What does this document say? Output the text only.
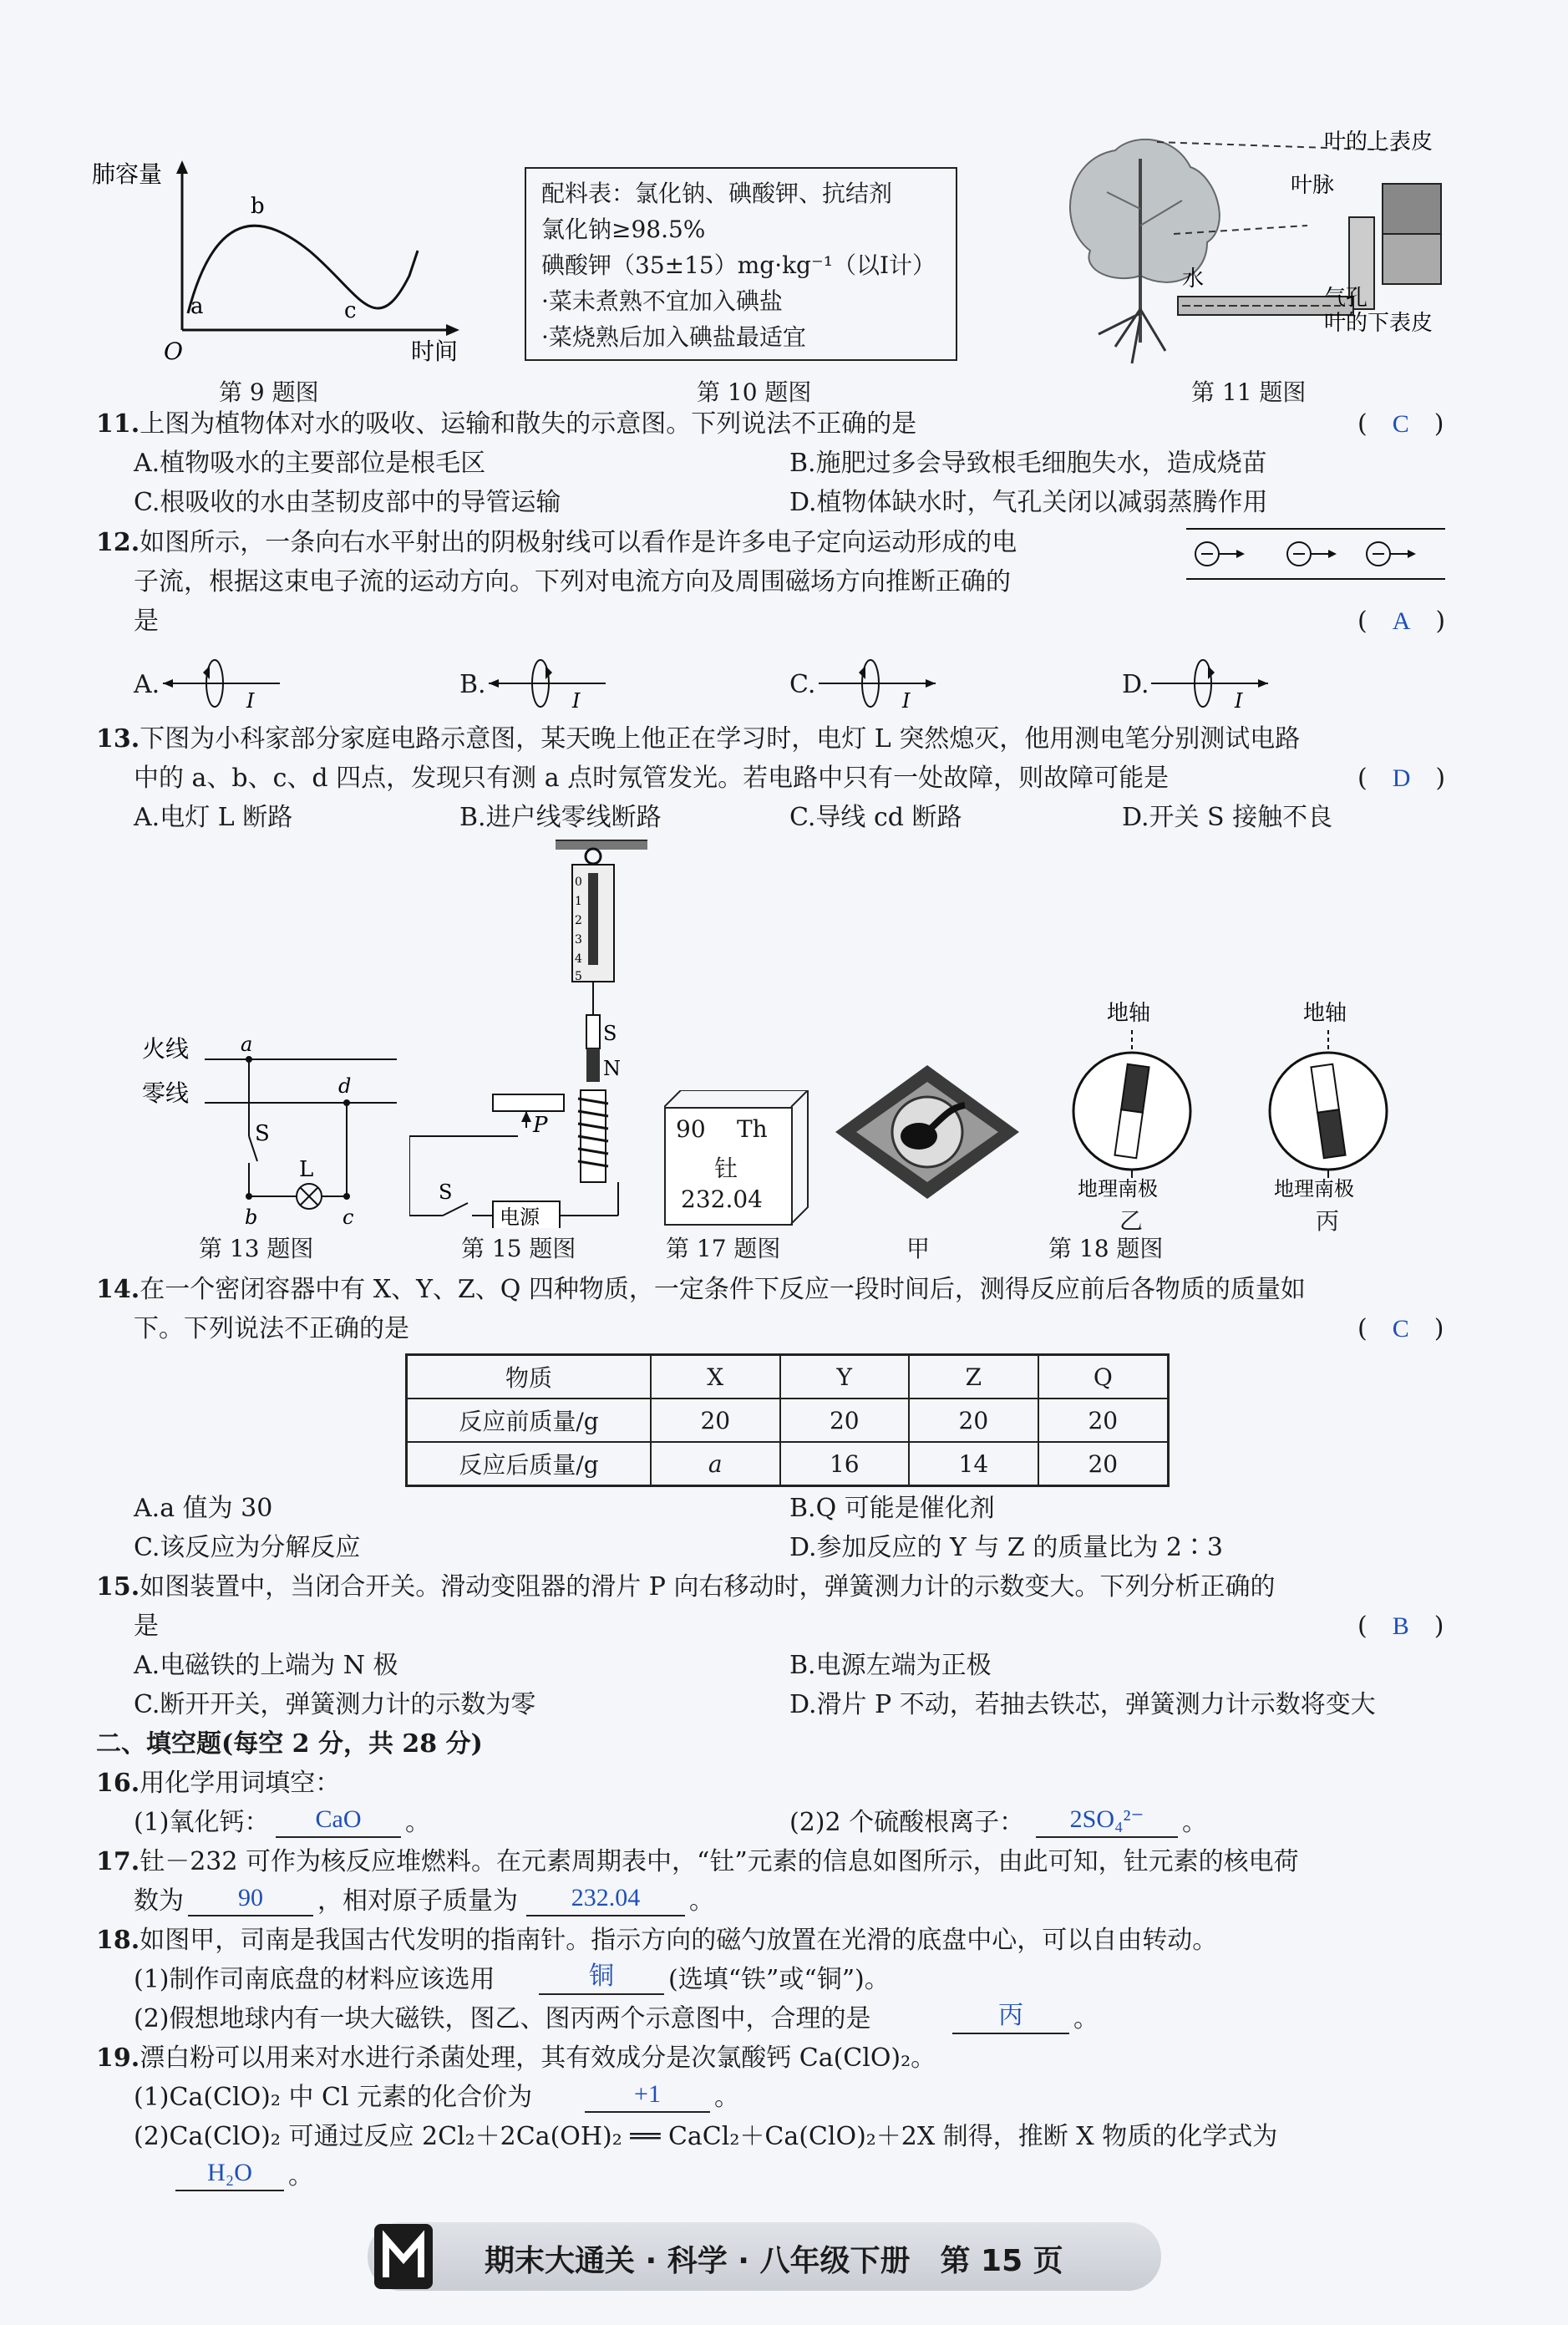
肺容量
a
b
c
O	时间
第 9 题图
配料表：氯化钠、碘酸钾、抗结剂
氯化钠≥98.5%
碘酸钾（35±15）mg·kg⁻¹（以Ⅰ计）
·菜未煮熟不宜加入碘盐
·菜烧熟后加入碘盐最适宜
第 10 题图
叶的上表皮
叶脉
水
气孔
叶的下表皮
第 11 题图
11.上图为植物体对水的吸收、运输和散失的示意图。下列说法不正确的是	(　C　)
A.植物吸水的主要部位是根毛区	B.施肥过多会导致根毛细胞失水，造成烧苗
C.根吸收的水由茎韧皮部中的导管运输	D.植物体缺水时，气孔关闭以减弱蒸腾作用
12.如图所示，一条向右水平射出的阴极射线可以看作是许多电子定向运动形成的电
子流，根据这束电子流的运动方向。下列对电流方向及周围磁场方向推断正确的
是	(　A　)
A.	B.	C.	D.
I	I	I	I
13.下图为小科家部分家庭电路示意图，某天晚上他正在学习时，电灯 L 突然熄灭，他用测电笔分别测试电路
中的 a、b、c、d 四点，发现只有测 a 点时氖管发光。若电路中只有一处故障，则故障可能是	(　D　)
A.电灯 L 断路	B.进户线零线断路	C.导线 cd 断路	D.开关 S 接触不良
火线
零线
a
d
S
L
b	c
第 13 题图
0
1
2
3
4
5
S
N
P
S
电源
第 15 题图
90 Th
钍
232.04
第 17 题图	甲
地轴
地理南极
乙
地轴
地理南极
丙
第 18 题图
14.在一个密闭容器中有 X、Y、Z、Q 四种物质，一定条件下反应一段时间后，测得反应前后各物质的质量如
下。下列说法不正确的是	(　C　)
物质	X	Y	Z	Q
反应前质量/g	20	20	20	20
反应后质量/g	a	16	14	20
A.a 值为 30	B.Q 可能是催化剂
C.该反应为分解反应	D.参加反应的 Y 与 Z 的质量比为 2∶3
15.如图装置中，当闭合开关。滑动变阻器的滑片 P 向右移动时，弹簧测力计的示数变大。下列分析正确的
是	(　B　)
A.电磁铁的上端为 N 极	B.电源左端为正极
C.断开开关，弹簧测力计的示数为零	D.滑片 P 不动，若抽去铁芯，弹簧测力计示数将变大
二、填空题(每空 2 分，共 28 分)
16.用化学用词填空：
(1)氧化钙：	CaO	。	(2)2 个硫酸根离子：	2SO₄²⁻	。
17.钍－232 可作为核反应堆燃料。在元素周期表中，“钍”元素的信息如图所示，由此可知，钍元素的核电荷
数为	90	，相对原子质量为	232.04	。
18.如图甲，司南是我国古代发明的指南针。指示方向的磁勺放置在光滑的底盘中心，可以自由转动。
(1)制作司南底盘的材料应该选用	铜	(选填“铁”或“铜”)。
(2)假想地球内有一块大磁铁，图乙、图丙两个示意图中，合理的是	丙	。
19.漂白粉可以用来对水进行杀菌处理，其有效成分是次氯酸钙 Ca(ClO)₂。
(1)Ca(ClO)₂ 中 Cl 元素的化合价为	+1	。
(2)Ca(ClO)₂ 可通过反应 2Cl₂＋2Ca(OH)₂ ══ CaCl₂＋Ca(ClO)₂＋2X 制得，推断 X 物质的化学式为
H₂O	。
期末大通关 · 科学 · 八年级下册　第 15 页
